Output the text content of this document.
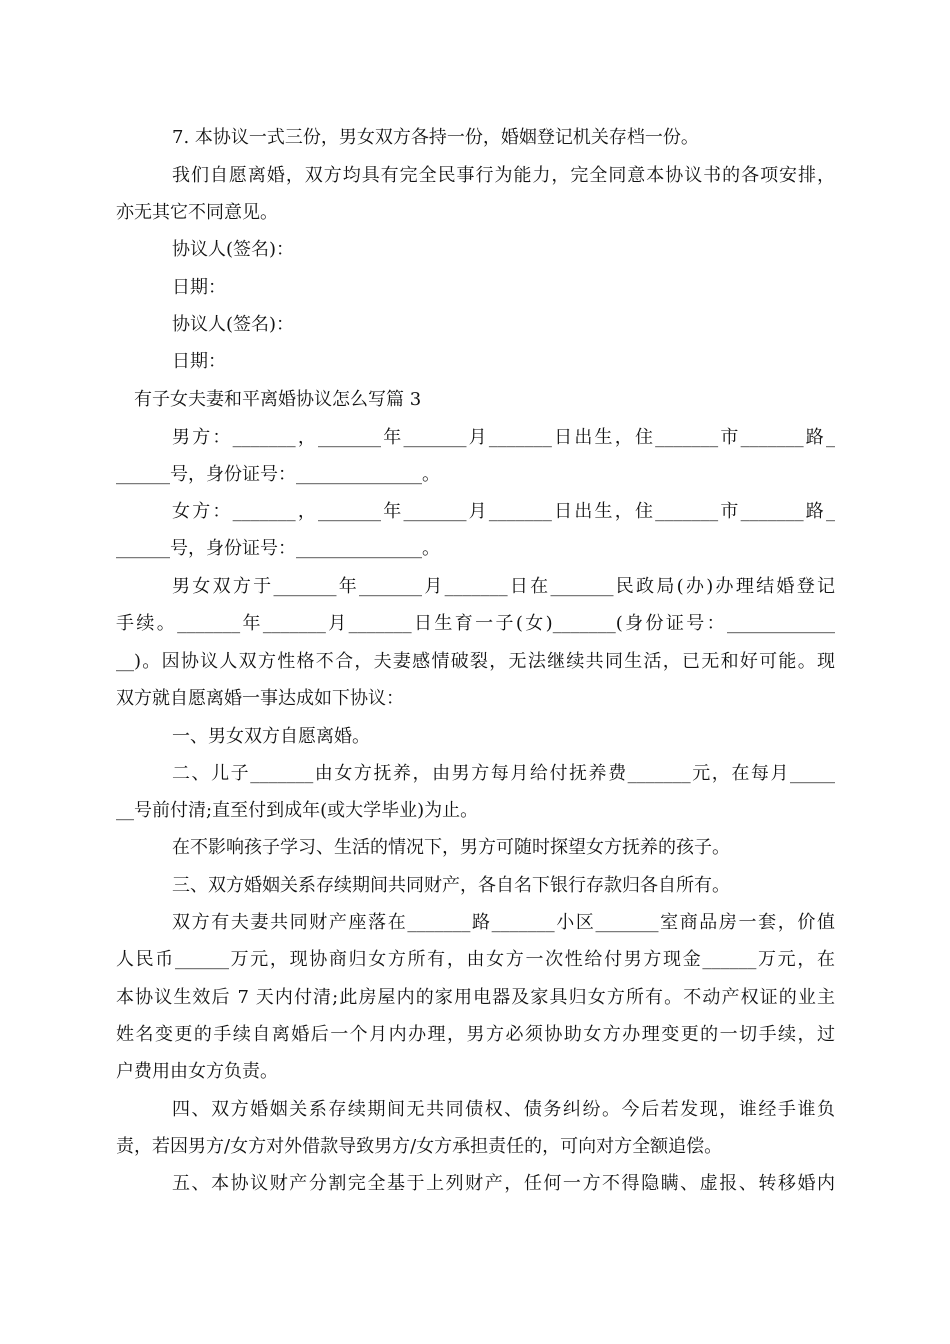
7. 本协议一式三份，男女双方各持一份，婚姻登记机关存档一份。

我们自愿离婚，双方均具有完全民事行为能力，完全同意本协议书的各项安排，

亦无其它不同意见。

协议人(签名)：

日期：

协议人(签名)：

日期：

有子女夫妻和平离婚协议怎么写篇 3

男方：_______，_______年_______月_______日出生，住_______市_______路_

______号，身份证号：______________。

女方：_______，_______年_______月_______日出生，住_______市_______路_

______号，身份证号：______________。

男女双方于_______年_______月_______日在_______民政局(办)办理结婚登记

手续。_______年_______月_______日生育一子(女)_______(身份证号：____________

__)。因协议人双方性格不合，夫妻感情破裂，无法继续共同生活，已无和好可能。现

双方就自愿离婚一事达成如下协议：

一、男女双方自愿离婚。

二、儿子_______由女方抚养，由男方每月给付抚养费_______元，在每月_____

__号前付清;直至付到成年(或大学毕业)为止。

在不影响孩子学习、生活的情况下，男方可随时探望女方抚养的孩子。

三、双方婚姻关系存续期间共同财产，各自名下银行存款归各自所有。

双方有夫妻共同财产座落在_______路_______小区_______室商品房一套，价值

人民币______万元，现协商归女方所有，由女方一次性给付男方现金______万元，在

本协议生效后 7 天内付清;此房屋内的家用电器及家具归女方所有。不动产权证的业主

姓名变更的手续自离婚后一个月内办理，男方必须协助女方办理变更的一切手续，过

户费用由女方负责。

四、双方婚姻关系存续期间无共同债权、债务纠纷。今后若发现，谁经手谁负

责，若因男方/女方对外借款导致男方/女方承担责任的，可向对方全额追偿。

五、本协议财产分割完全基于上列财产，任何一方不得隐瞒、虚报、转移婚内
